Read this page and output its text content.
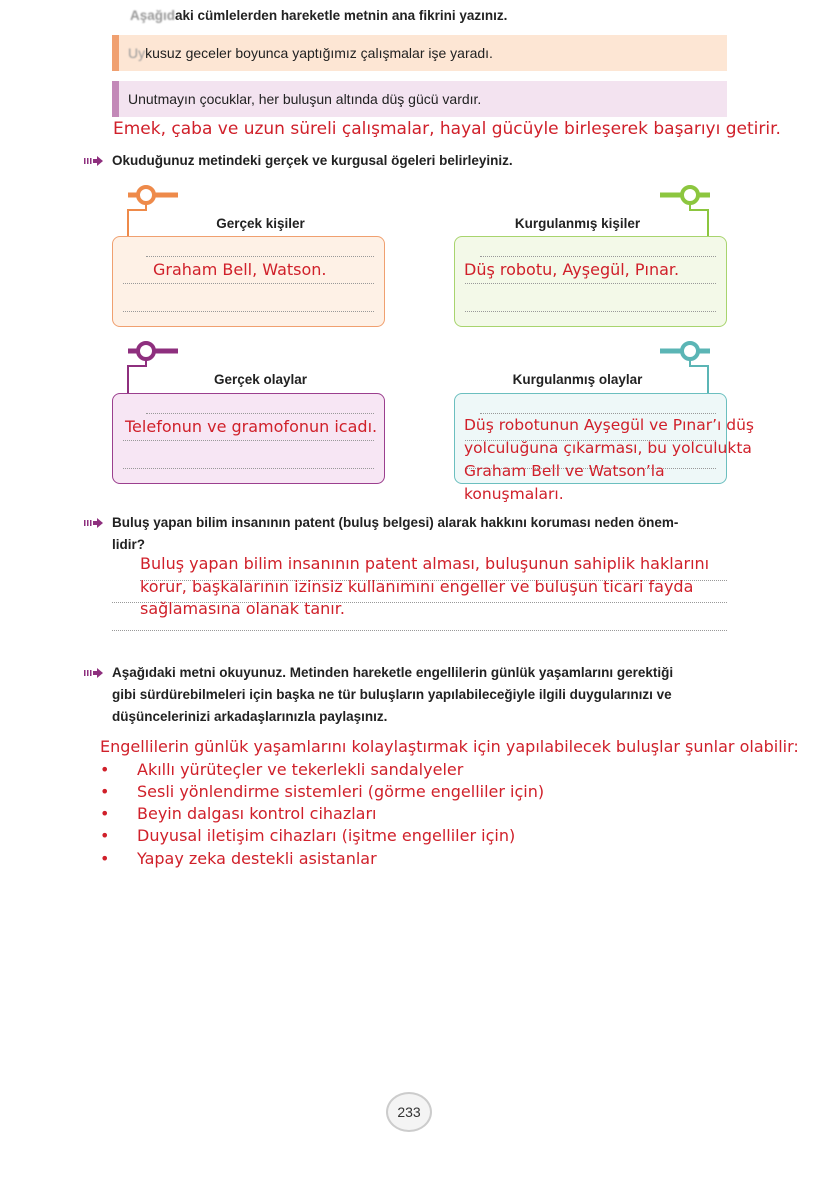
Aşağıdaki cümlelerden hareketle metnin ana fikrini yazınız.
Uykusuz geceler boyunca yaptığımız çalışmalar işe yaradı.
Unutmayın çocuklar, her buluşun altında düş gücü vardır.
Emek, çaba ve uzun süreli çalışmalar, hayal gücüyle birleşerek başarıyı getirir.
Okuduğunuz metindeki gerçek ve kurgusal ögeleri belirleyiniz.
Gerçek kişiler
Graham Bell, Watson.
Kurgulanmış kişiler
Düş robotu, Ayşegül, Pınar.
Gerçek olaylar
Telefonun ve gramofonun icadı.
Kurgulanmış olaylar
Düş robotunun Ayşegül ve Pınar’ı düş yolculuğuna çıkarması, bu yolculukta Graham Bell ve Watson’la konuşmaları.
Buluş yapan bilim insanının patent (buluş belgesi) alarak hakkını koruması neden önem-
lidir?
Buluş yapan bilim insanının patent alması, buluşunun sahiplik haklarını korur, başkalarının izinsiz kullanımını engeller ve buluşun ticari fayda sağlamasına olanak tanır.
Aşağıdaki metni okuyunuz. Metinden hareketle engellilerin günlük yaşamlarını gerektiği
gibi sürdürebilmeleri için başka ne tür buluşların yapılabileceğiyle ilgili duygularınızı ve
düşüncelerinizi arkadaşlarınızla paylaşınız.
Engellilerin günlük yaşamlarını kolaylaştırmak için yapılabilecek buluşlar şunlar olabilir:
• Akıllı yürüteçler ve tekerlekli sandalyeler
• Sesli yönlendirme sistemleri (görme engelliler için)
• Beyin dalgası kontrol cihazları
• Duyusal iletişim cihazları (işitme engelliler için)
• Yapay zeka destekli asistanlar
233
